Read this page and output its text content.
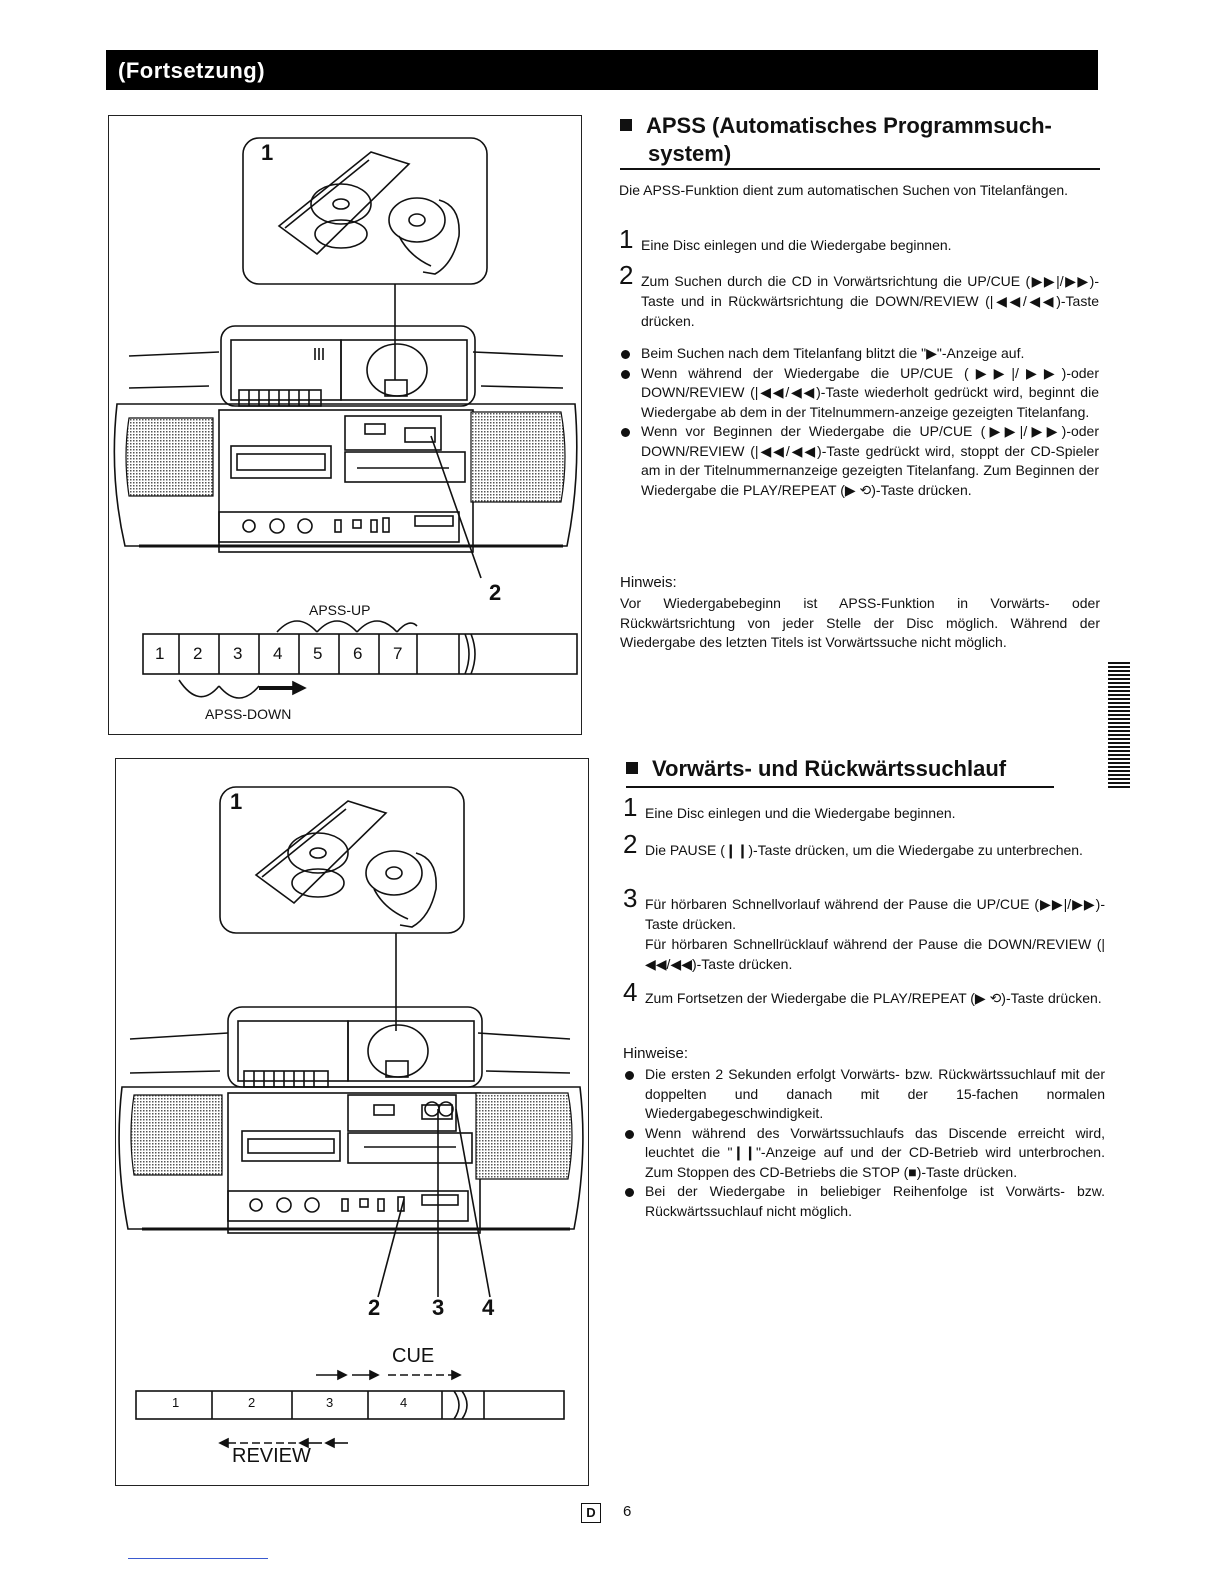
(Fortsetzung)
1
2
APSS-UP
APSS-DOWN
1 2 3 4 5 6 7
1
2 3 4
CUE
REVIEW
1	2	3	4
APSS (Automatisches Programmsuch-
system)
Die APSS-Funktion dient zum automatischen Suchen von Titelanfängen.
1 Eine Disc einlegen und die Wiedergabe beginnen.
2 Zum Suchen durch die CD in Vorwärtsrichtung die UP/CUE (▶▶|/▶▶)-Taste und in Rückwärtsrichtung die DOWN/REVIEW (|◀◀/◀◀)-Taste drücken.
Beim Suchen nach dem Titelanfang blitzt die "▶"-Anzeige auf.
Wenn während der Wiedergabe die UP/CUE (▶▶|/▶▶)-oder DOWN/REVIEW (|◀◀/◀◀)-Taste wiederholt gedrückt wird, beginnt die Wiedergabe ab dem in der Titelnummern-anzeige gezeigten Titelanfang.
Wenn vor Beginnen der Wiedergabe die UP/CUE (▶▶|/▶▶)-oder DOWN/REVIEW (|◀◀/◀◀)-Taste gedrückt wird, stoppt der CD-Spieler am in der Titelnummernanzeige gezeigten Titelanfang. Zum Beginnen der Wiedergabe die PLAY/REPEAT (▶ ⟲)-Taste drücken.
Hinweis:
Vor Wiedergabebeginn ist APSS-Funktion in Vorwärts- oder Rückwärtsrichtung von jeder Stelle der Disc möglich. Während der Wiedergabe des letzten Titels ist Vorwärtssuche nicht möglich.
Vorwärts- und Rückwärtssuchlauf
1 Eine Disc einlegen und die Wiedergabe beginnen.
2 Die PAUSE (❙❙)-Taste drücken, um die Wiedergabe zu unterbrechen.
3 Für hörbaren Schnellvorlauf während der Pause die UP/CUE (▶▶|/▶▶)-Taste drücken.
Für hörbaren Schnellrücklauf während der Pause die DOWN/REVIEW (|◀◀/◀◀)-Taste drücken.
4 Zum Fortsetzen der Wiedergabe die PLAY/REPEAT (▶ ⟲)-Taste drücken.
Hinweise:
Die ersten 2 Sekunden erfolgt Vorwärts- bzw. Rückwärtssuchlauf mit der doppelten und danach mit der 15-fachen normalen Wiedergabegeschwindigkeit.
Wenn während des Vorwärtssuchlaufs das Discende erreicht wird, leuchtet die "❙❙"-Anzeige auf und der CD-Betrieb wird unterbrochen. Zum Stoppen des CD-Betriebs die STOP (■)-Taste drücken.
Bei der Wiedergabe in beliebiger Reihenfolge ist Vorwärts- bzw. Rückwärtssuchlauf nicht möglich.
D	6
